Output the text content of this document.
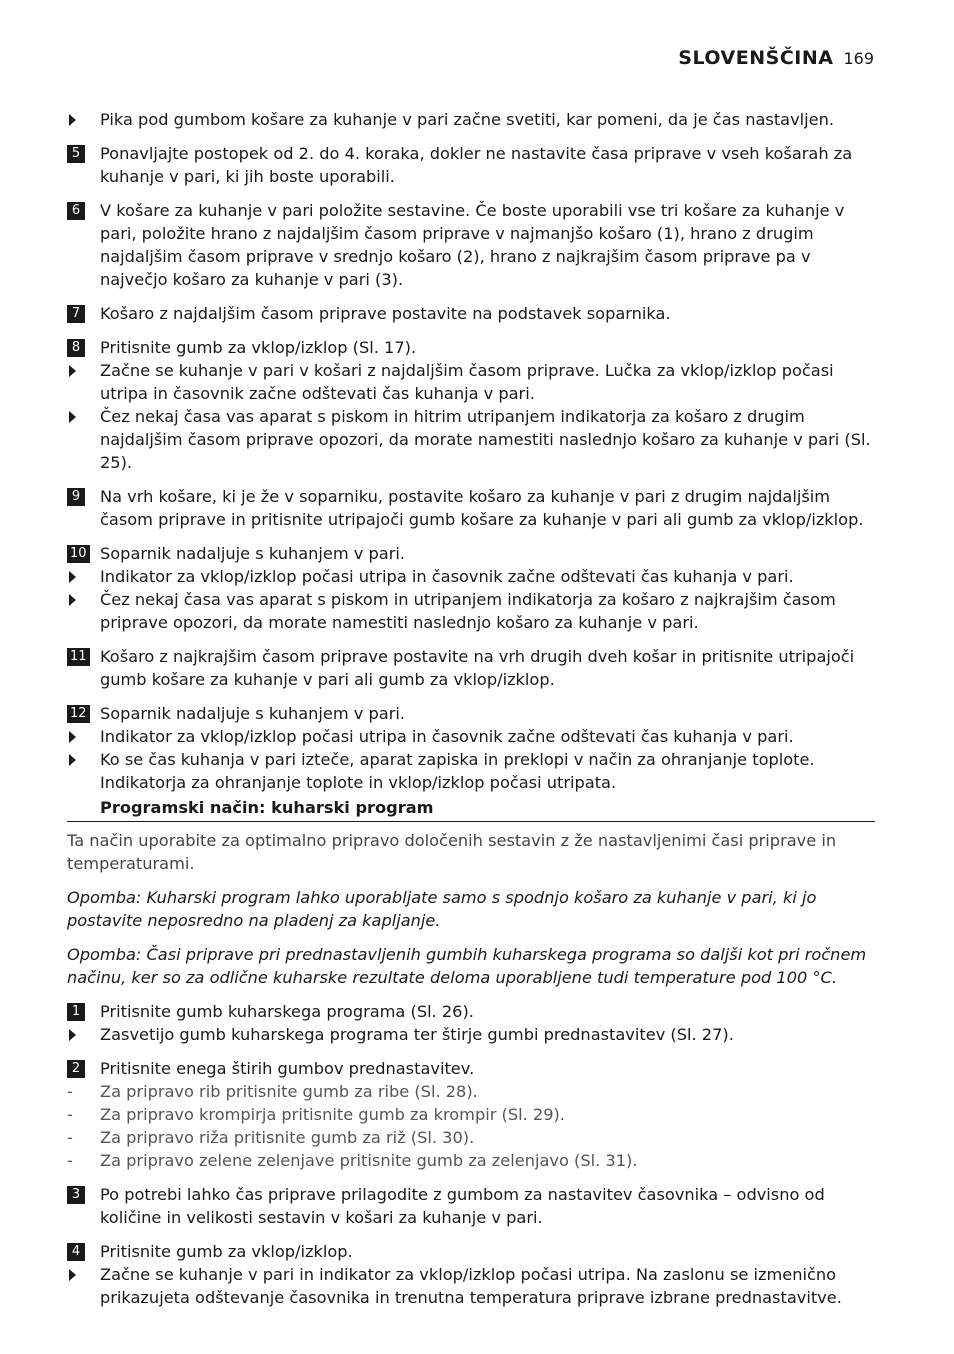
SLOVENŠČINA 169
Pika pod gumbom košare za kuhanje v pari začne svetiti, kar pomeni, da je čas nastavljen.
5 Ponavljajte postopek od 2. do 4. koraka, dokler ne nastavite časa priprave v vseh košarah za kuhanje v pari, ki jih boste uporabili.
6 V košare za kuhanje v pari položite sestavine. Če boste uporabili vse tri košare za kuhanje v pari, položite hrano z najdaljšim časom priprave v najmanjšo košaro (1), hrano z drugim najdaljšim časom priprave v srednjo košaro (2), hrano z najkrajšim časom priprave pa v največjo košaro za kuhanje v pari (3).
7 Košaro z najdaljšim časom priprave postavite na podstavek soparnika.
8 Pritisnite gumb za vklop/izklop (Sl. 17).
Začne se kuhanje v pari v košari z najdaljšim časom priprave. Lučka za vklop/izklop počasi utripa in časovnik začne odštevati čas kuhanja v pari.
Čez nekaj časa vas aparat s piskom in hitrim utripanjem indikatorja za košaro z drugim najdaljšim časom priprave opozori, da morate namestiti naslednjo košaro za kuhanje v pari (Sl. 25).
9 Na vrh košare, ki je že v soparniku, postavite košaro za kuhanje v pari z drugim najdaljšim časom priprave in pritisnite utripajoči gumb košare za kuhanje v pari ali gumb za vklop/izklop.
10 Soparnik nadaljuje s kuhanjem v pari.
Indikator za vklop/izklop počasi utripa in časovnik začne odštevati čas kuhanja v pari.
Čez nekaj časa vas aparat s piskom in utripanjem indikatorja za košaro z najkrajšim časom priprave opozori, da morate namestiti naslednjo košaro za kuhanje v pari.
11 Košaro z najkrajšim časom priprave postavite na vrh drugih dveh košar in pritisnite utripajoči gumb košare za kuhanje v pari ali gumb za vklop/izklop.
12 Soparnik nadaljuje s kuhanjem v pari.
Indikator za vklop/izklop počasi utripa in časovnik začne odštevati čas kuhanja v pari.
Ko se čas kuhanja v pari izteče, aparat zapiska in preklopi v način za ohranjanje toplote. Indikatorja za ohranjanje toplote in vklop/izklop počasi utripata.
Programski način: kuharski program
Ta način uporabite za optimalno pripravo določenih sestavin z že nastavljenimi časi priprave in temperaturami.
Opomba: Kuharski program lahko uporabljate samo s spodnjo košaro za kuhanje v pari, ki jo postavite neposredno na pladenj za kapljanje.
Opomba: Časi priprave pri prednastavljenih gumbih kuharskega programa so daljši kot pri ročnem načinu, ker so za odlične kuharske rezultate deloma uporabljene tudi temperature pod 100 °C.
1 Pritisnite gumb kuharskega programa (Sl. 26).
Zasvetijo gumb kuharskega programa ter štirje gumbi prednastavitev (Sl. 27).
2 Pritisnite enega štirih gumbov prednastavitev.
- Za pripravo rib pritisnite gumb za ribe (Sl. 28).
- Za pripravo krompirja pritisnite gumb za krompir (Sl. 29).
- Za pripravo riža pritisnite gumb za riž (Sl. 30).
- Za pripravo zelene zelenjave pritisnite gumb za zelenjavo (Sl. 31).
3 Po potrebi lahko čas priprave prilagodite z gumbom za nastavitev časovnika – odvisno od količine in velikosti sestavin v košari za kuhanje v pari.
4 Pritisnite gumb za vklop/izklop.
Začne se kuhanje v pari in indikator za vklop/izklop počasi utripa. Na zaslonu se izmenično prikazujeta odštevanje časovnika in trenutna temperatura priprave izbrane prednastavitve.
